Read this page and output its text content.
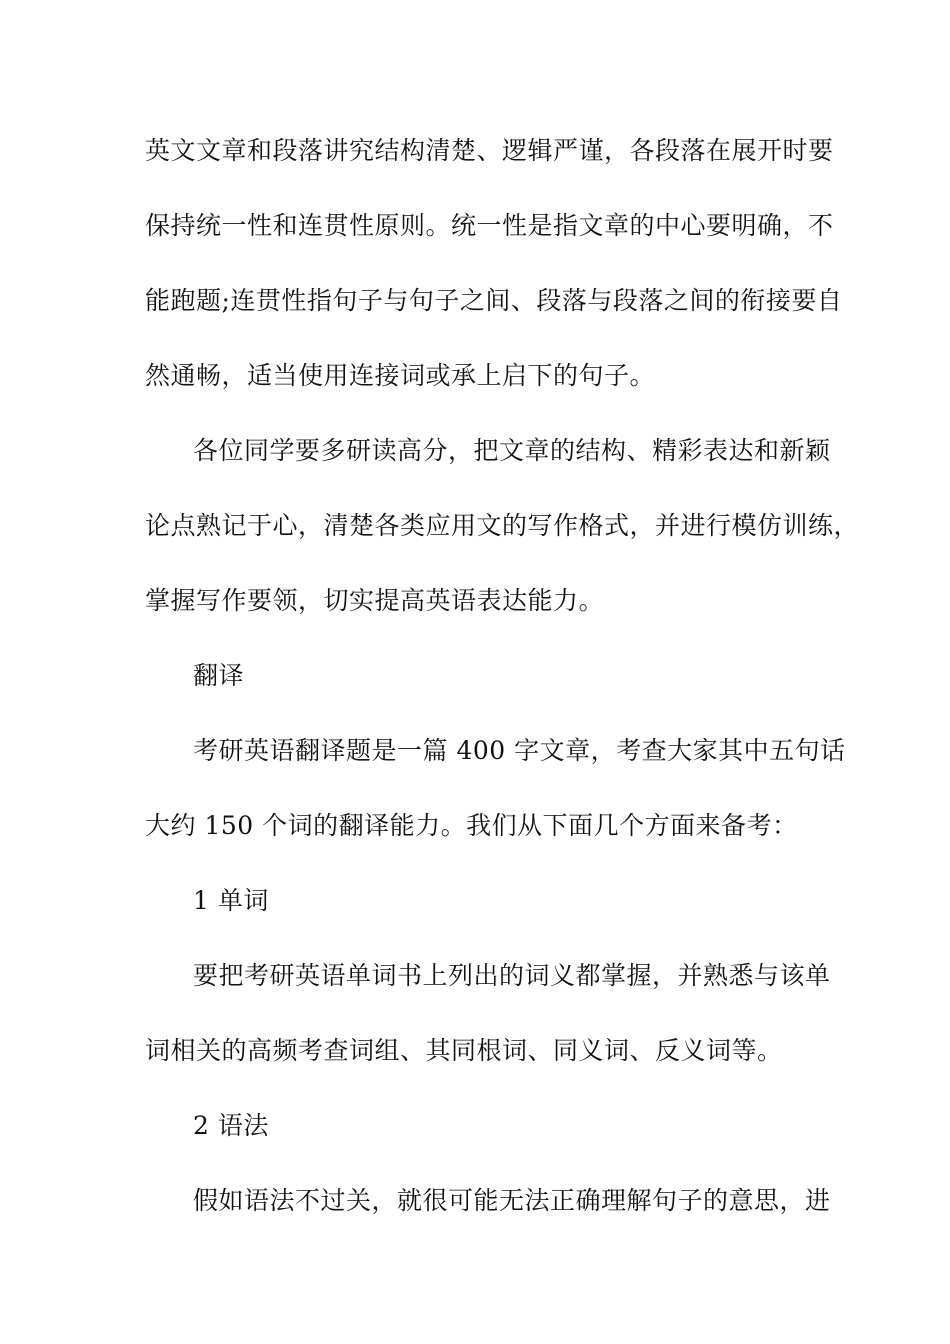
英文文章和段落讲究结构清楚、逻辑严谨，各段落在展开时要
保持统一性和连贯性原则。统一性是指文章的中心要明确，不
能跑题;连贯性指句子与句子之间、段落与段落之间的衔接要自
然通畅，适当使用连接词或承上启下的句子。
各位同学要多研读高分，把文章的结构、精彩表达和新颖
论点熟记于心，清楚各类应用文的写作格式，并进行模仿训练，
掌握写作要领，切实提高英语表达能力。
翻译
考研英语翻译题是一篇 400 字文章，考查大家其中五句话
大约 150 个词的翻译能力。我们从下面几个方面来备考：
1 单词
要把考研英语单词书上列出的词义都掌握，并熟悉与该单
词相关的高频考查词组、其同根词、同义词、反义词等。
2 语法
假如语法不过关，就很可能无法正确理解句子的意思，进
